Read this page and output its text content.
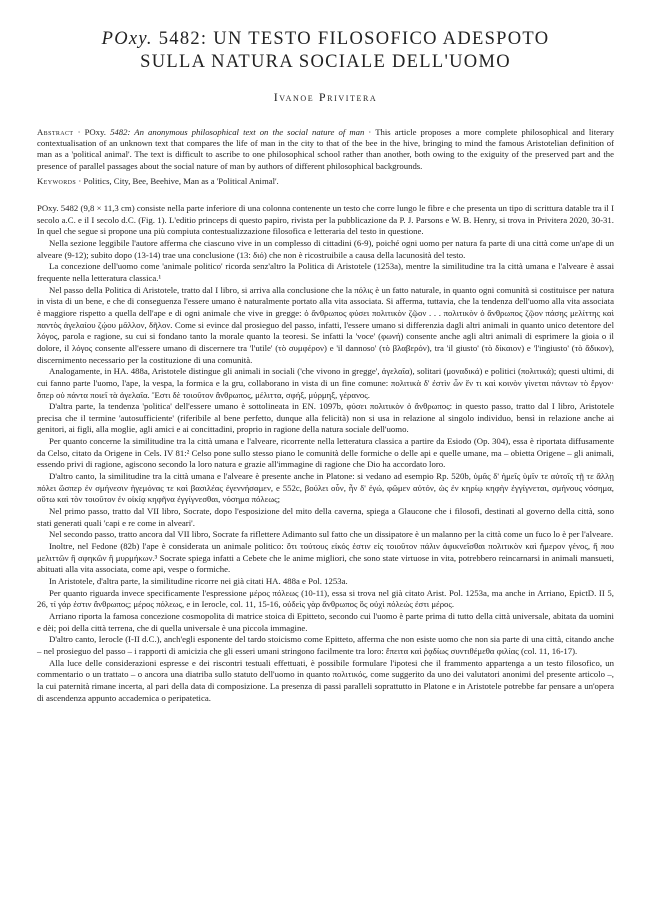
POxy. 5482: UN TESTO FILOSOFICO ADESPOTO
SULLA NATURA SOCIALE DELL'UOMO
Ivanoe Privitera

Abstract · POxy. 5482: An anonymous philosophical text on the social nature of man · This article proposes a more complete philosophical and literary contextualisation of an unknown text that compares the life of man in the city to that of the bee in the hive, bringing to mind the famous Aristotelian definition of man as a 'political animal'. The text is difficult to ascribe to one philosophical school rather than another, both owing to the exiguity of the preserved part and the presence of parallel passages about the social nature of man by authors of different philosophical backgrounds.

Keywords · Politics, City, Bee, Beehive, Man as a 'Political Animal'.

POxy. 5482 (9,8 × 11,3 cm) consiste nella parte inferiore di una colonna contenente un testo che corre lungo le fibre e che presenta un tipo di scrittura datable tra il I secolo a.C. e il I secolo d.C. (Fig. 1). L'editio princeps di questo papiro, rivista per la pubblicazione da P. J. Parsons e W. B. Henry, si trova in Privitera 2020, 30-31. In quel che segue si propone una più compiuta contestualizzazione filosofica e letteraria del testo in questione.

Nella sezione leggibile l'autore afferma che ciascuno vive in un complesso di cittadini (6-9), poiché ogni uomo per natura fa parte di una città come un'ape di un alveare (9-12); subito dopo (13-14) trae una conclusione (13: διό) che non è ricostruibile a causa della lacunosità del testo.

La concezione dell'uomo come 'animale politico' ricorda senz'altro la Politica di Aristotele (1253a), mentre la similitudine tra la città umana e l'alveare è assai frequente nella letteratura classica.¹

Nel passo della Politica di Aristotele, tratto dal I libro, si arriva alla conclusione che la πόλις è un fatto naturale, in quanto ogni comunità si costituisce per natura in vista di un bene, e che di conseguenza l'essere umano è naturalmente portato alla vita associata. Si afferma, tuttavia, che la tendenza dell'uomo alla vita associata è maggiore rispetto a quella dell'ape e di ogni animale che vive in gregge: ὁ ἄνθρωπος φύσει πολιτικὸν ζῷον . . . πολιτικὸν ὁ ἄνθρωπος ζῷον πάσης μελίττης καὶ παντὸς ἀγελαίου ζῴου μᾶλλον, δῆλον. Come si evince dal prosieguo del passo, infatti, l'essere umano si differenzia dagli altri animali in quanto unico detentore del λόγος, parola e ragione, su cui si fondano tanto la morale quanto la teoresi. Se infatti la 'voce' (φωνή) consente anche agli altri animali di esprimere la gioia o il dolore, il λόγος consente all'essere umano di discernere tra 'l'utile' (τὸ συμφέρον) e 'il dannoso' (τὸ βλαβερόν), tra 'il giusto' (τὸ δίκαιον) e 'l'ingiusto' (τὸ ἄδικον), discernimento necessario per la costituzione di una comunità.

Analogamente, in HA. 488a, Aristotele distingue gli animali in sociali ('che vivono in gregge', ἀγελαῖα), solitari (μοναδικά) e politici (πολιτικά); questi ultimi, di cui fanno parte l'uomo, l'ape, la vespa, la formica e la gru, collaborano in vista di un fine comune: πολιτικὰ δ' ἐστὶν ὧν ἕν τι καὶ κοινὸν γίνεται πάντων τὸ ἔργον· ὅπερ οὐ πάντα ποιεῖ τὰ ἀγελαῖα. Ἔστι δὲ τοιοῦτον ἄνθρωπος, μέλιττα, σφήξ, μύρμηξ, γέρανος.

D'altra parte, la tendenza 'politica' dell'essere umano è sottolineata in EN. 1097b, φύσει πολιτικὸν ὁ ἄνθρωπος: in questo passo, tratto dal I libro, Aristotele precisa che il termine 'autosufficiente' (riferibile al bene perfetto, dunque alla felicità) non si usa in relazione al singolo individuo, bensì in relazione anche ai genitori, ai figli, alla moglie, agli amici e ai concittadini, proprio in ragione della natura sociale dell'uomo.

Per quanto concerne la similitudine tra la città umana e l'alveare, ricorrente nella letteratura classica a partire da Esiodo (Op. 304), essa è riportata diffusamente da Celso, citato da Origene in Cels. IV 81:² Celso pone sullo stesso piano le comunità delle formiche o delle api e quelle umane, ma – obietta Origene – gli animali, essendo privi di ragione, agiscono secondo la loro natura e grazie all'immagine di ragione che Dio ha accordato loro.

D'altro canto, la similitudine tra la città umana e l'alveare è presente anche in Platone: si vedano ad esempio Rp. 520b, ὑμᾶς δ' ἡμεῖς ὑμῖν τε αὐτοῖς τῇ τε ἄλλῃ πόλει ὥσπερ ἐν σμήνεσιν ἡγεμόνας τε καὶ βασιλέας ἐγεννήσαμεν, e 552c, βούλει οὖν, ἦν δ' ἐγώ, φῶμεν αὐτόν, ὡς ἐν κηρίῳ κηφὴν ἐγγίγνεται, σμήνους νόσημα, οὕτω καὶ τὸν τοιοῦτον ἐν οἰκίᾳ κηφῆνα ἐγγίγνεσθαι, νόσημα πόλεως;

Nel primo passo, tratto dal VII libro, Socrate, dopo l'esposizione del mito della caverna, spiega a Glaucone che i filosofi, destinati al governo della città, sono stati generati quali 'capi e re come in alveari'.

Nel secondo passo, tratto ancora dal VII libro, Socrate fa riflettere Adimanto sul fatto che un dissipatore è un malanno per la città come un fuco lo è per l'alveare.

Inoltre, nel Fedone (82b) l'ape è considerata un animale politico: ὅτι τούτους εἰκός ἐστιν εἰς τοιοῦτον πάλιν ἀφικνεῖσθαι πολιτικὸν καὶ ἥμερον γένος, ἤ που μελιττῶν ἢ σφηκῶν ἢ μυρμήκων.³ Socrate spiega infatti a Cebete che le anime migliori, che sono state virtuose in vita, potrebbero reincarnarsi in animali mansueti, abituati alla vita associata, come api, vespe o formiche.

In Aristotele, d'altra parte, la similitudine ricorre nei già citati HA. 488a e Pol. 1253a.

Per quanto riguarda invece specificamente l'espressione μέρος πόλεως (10-11), essa si trova nel già citato Arist. Pol. 1253a, ma anche in Arriano, EpictD. II 5, 26, τί γάρ ἐστιν ἄνθρωπος; μέρος πόλεως, e in Ierocle, col. 11, 15-16, οὐδεὶς γὰρ ἄνθρωπος ὃς οὐχὶ πόλεώς ἐστι μέρος.

Arriano riporta la famosa concezione cosmopolita di matrice stoica di Epitteto, secondo cui l'uomo è parte prima di tutto della città universale, abitata da uomini e dèi; poi della città terrena, che di quella universale è una piccola immagine.

D'altro canto, Ierocle (I-II d.C.), anch'egli esponente del tardo stoicismo come Epitteto, afferma che non esiste uomo che non sia parte di una città, citando anche – nel prosieguo del passo – i rapporti di amicizia che gli esseri umani stringono facilmente tra loro: ἔπειτα καὶ ῥᾳδίως συντιθέμεθα φιλίας (col. 11, 16-17).

Alla luce delle considerazioni espresse e dei riscontri testuali effettuati, è possibile formulare l'ipotesi che il frammento appartenga a un testo filosofico, un commentario o un trattato – o ancora una diatriba sullo statuto dell'uomo in quanto πολιτικός, come suggerito da uno dei valutatori anonimi del presente articolo –, la cui paternità rimane incerta, al pari della data di composizione. La presenza di passi paralleli soprattutto in Platone e in Aristotele potrebbe far pensare a un'opera di ascendenza appunto accademica o peripatetica.
